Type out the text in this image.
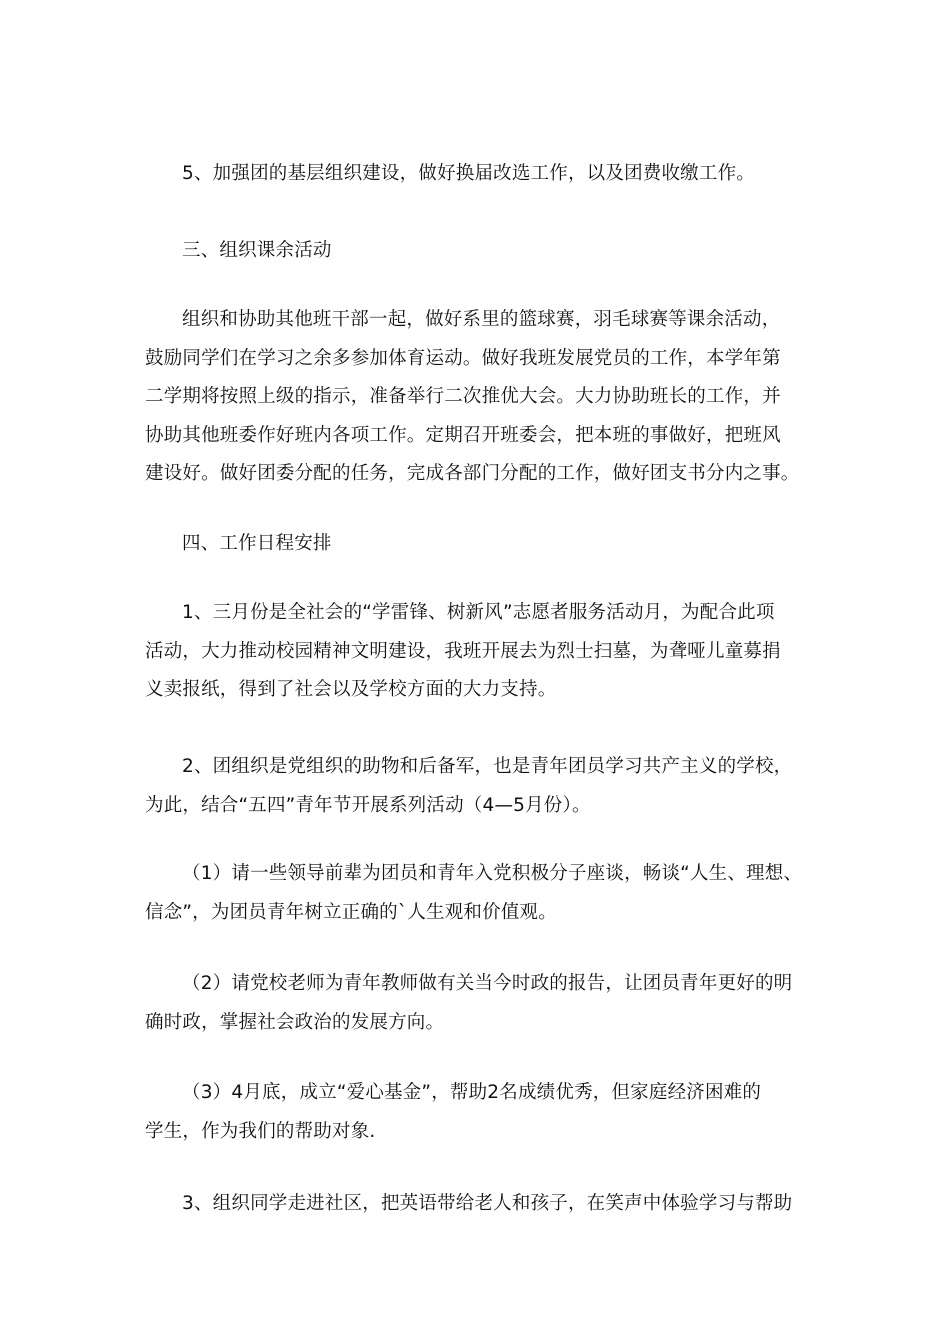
5、加强团的基层组织建设，做好换届改选工作，以及团费收缴工作。

三、组织课余活动

组织和协助其他班干部一起，做好系里的篮球赛，羽毛球赛等课余活动，
鼓励同学们在学习之余多参加体育运动。做好我班发展党员的工作，本学年第
二学期将按照上级的指示，准备举行二次推优大会。大力协助班长的工作，并
协助其他班委作好班内各项工作。定期召开班委会，把本班的事做好，把班风
建设好。做好团委分配的任务，完成各部门分配的工作，做好团支书分内之事。

四、工作日程安排

1、三月份是全社会的“学雷锋、树新风”志愿者服务活动月，为配合此项
活动，大力推动校园精神文明建设，我班开展去为烈士扫墓，为聋哑儿童募捐
义卖报纸，得到了社会以及学校方面的大力支持。

2、团组织是党组织的助物和后备军，也是青年团员学习共产主义的学校，
为此，结合“五四”青年节开展系列活动（4—5月份）。

（1）请一些领导前辈为团员和青年入党积极分子座谈，畅谈“人生、理想、
信念”，为团员青年树立正确的`人生观和价值观。

（2）请党校老师为青年教师做有关当今时政的报告，让团员青年更好的明
确时政，掌握社会政治的发展方向。

（3）4月底，成立“爱心基金”，帮助2名成绩优秀，但家庭经济困难的
学生，作为我们的帮助对象.

3、组织同学走进社区，把英语带给老人和孩子，在笑声中体验学习与帮助
